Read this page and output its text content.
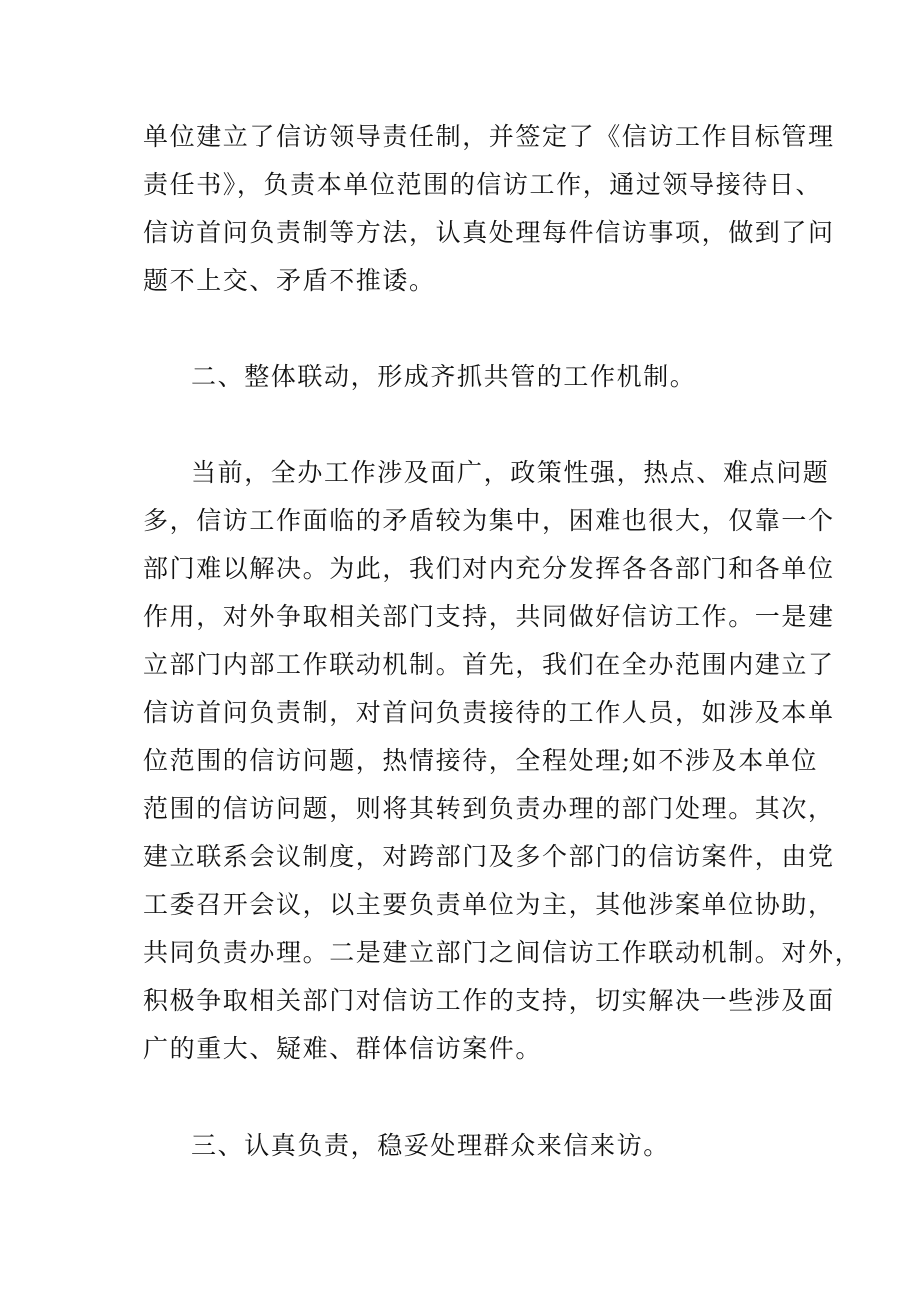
单位建立了信访领导责任制，并签定了《信访工作目标管理
责任书》，负责本单位范围的信访工作，通过领导接待日、
信访首问负责制等方法，认真处理每件信访事项，做到了问
题不上交、矛盾不推诿。
二、整体联动，形成齐抓共管的工作机制。
当前，全办工作涉及面广，政策性强，热点、难点问题
多，信访工作面临的矛盾较为集中，困难也很大，仅靠一个
部门难以解决。为此，我们对内充分发挥各各部门和各单位
作用，对外争取相关部门支持，共同做好信访工作。一是建
立部门内部工作联动机制。首先，我们在全办范围内建立了
信访首问负责制，对首问负责接待的工作人员，如涉及本单
位范围的信访问题，热情接待，全程处理;如不涉及本单位
范围的信访问题，则将其转到负责办理的部门处理。其次，
建立联系会议制度，对跨部门及多个部门的信访案件，由党
工委召开会议，以主要负责单位为主，其他涉案单位协助，
共同负责办理。二是建立部门之间信访工作联动机制。对外，
积极争取相关部门对信访工作的支持，切实解决一些涉及面
广的重大、疑难、群体信访案件。
三、认真负责，稳妥处理群众来信来访。
